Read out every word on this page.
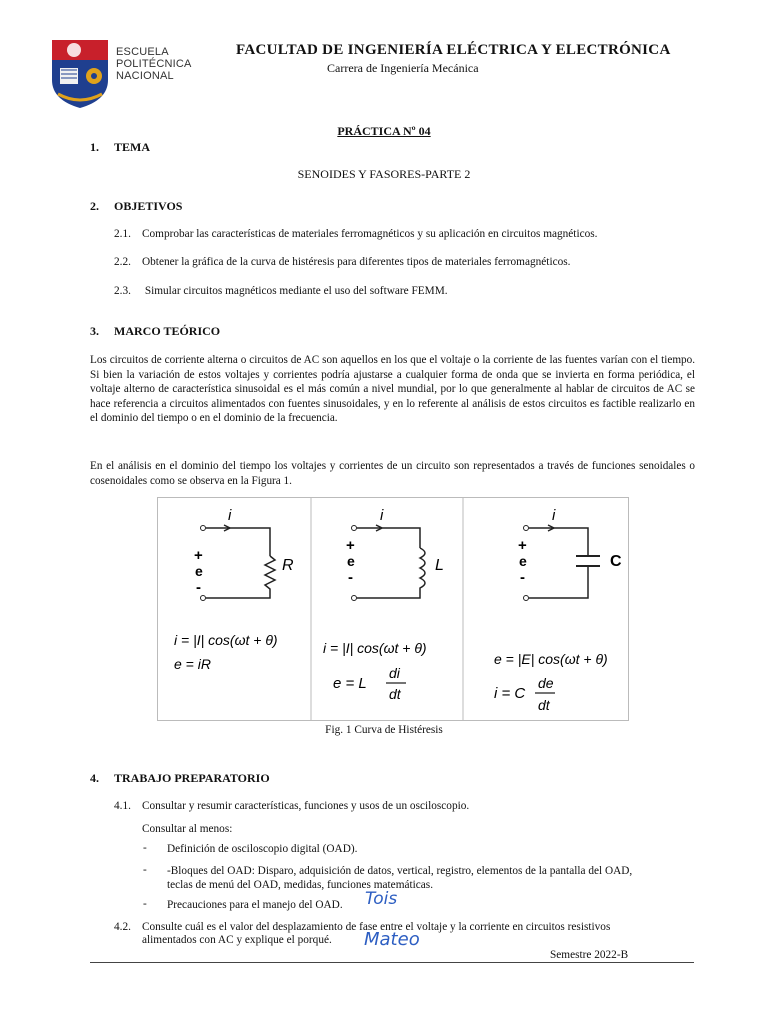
ESCUELA
POLITÉCNICA
NACIONAL
FACULTAD DE INGENIERÍA ELÉCTRICA Y ELECTRÓNICA
Carrera de Ingeniería Mecánica
PRÁCTICA Nº 04
1. TEMA
SENOIDES Y FASORES-PARTE 2
2. OBJETIVOS
2.1. Comprobar las características de materiales ferromagnéticos y su aplicación en circuitos magnéticos.
2.2. Obtener la gráfica de la curva de histéresis para diferentes tipos de materiales ferromagnéticos.
2.3. Simular circuitos magnéticos mediante el uso del software FEMM.
3. MARCO TEÓRICO
Los circuitos de corriente alterna o circuitos de AC son aquellos en los que el voltaje o la corriente de las fuentes varían con el tiempo. Si bien la variación de estos voltajes y corrientes podría ajustarse a cualquier forma de onda que se invierta en forma periódica, el voltaje alterno de característica sinusoidal es el más común a nivel mundial, por lo que generalmente al hablar de circuitos de AC se hace referencia a circuitos alimentados con fuentes sinusoidales, y en lo referente al análisis de estos circuitos es factible realizarlo en el dominio del tiempo o en el dominio de la frecuencia.
En el análisis en el dominio del tiempo los voltajes y corrientes de un circuito son representados a través de funciones senoidales o cosenoidales como se observa en la Figura 1.
i
+
e
-
R
i = |I| cos(ωt + θ)
e = iR
i
+
e
-
L
i = |I| cos(ωt + θ)
e = L
di
dt
i
+
e
-
C
e = |E| cos(ωt + θ)
i = C
de
dt
Fig. 1 Curva de Histéresis
4. TRABAJO PREPARATORIO
4.1. Consultar y resumir características, funciones y usos de un osciloscopio.
Consultar al menos:
- Definición de osciloscopio digital (OAD).
- -Bloques del OAD: Disparo, adquisición de datos, vertical, registro, elementos de la pantalla del OAD,
teclas de menú del OAD, medidas, funciones matemáticas.
- Precauciones para el manejo del OAD. Tois
4.2. Consulte cuál es el valor del desplazamiento de fase entre el voltaje y la corriente en circuitos resistivos
alimentados con AC y explique el porqué. Mateo
Semestre 2022-B
